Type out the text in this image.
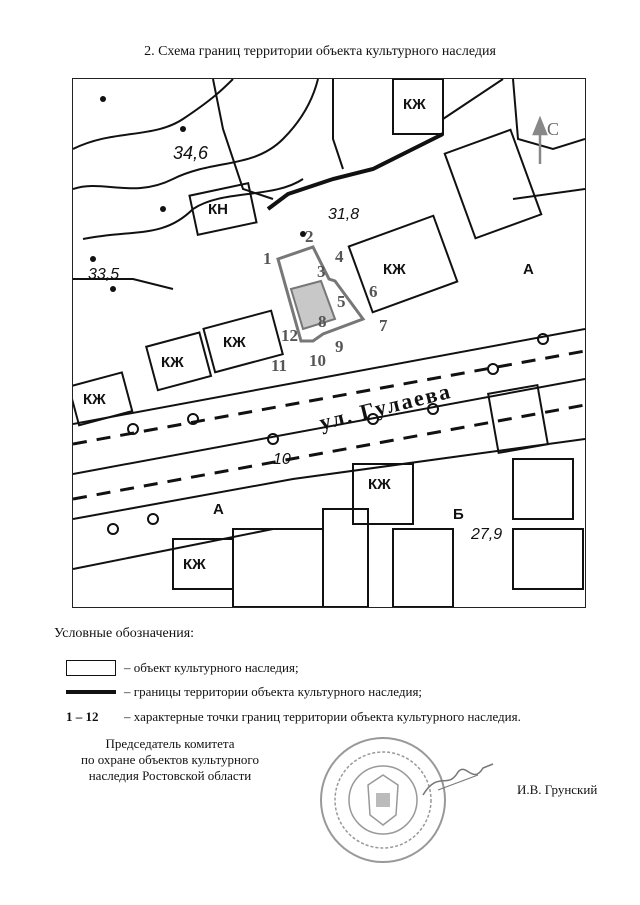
2. Схема границ территории объекта культурного наследия
С
34,6
31,8
33,5
27,9
10
КЖ
КЖ
КЖ
КЖ
КЖ
КЖ
КЖ
КН
А
А	Б
ул. Гулаева
1
2
3
4
5
6
7
8
9
10
11
12
Условные обозначения:
– объект культурного наследия;
– границы территории объекта культурного наследия;
1 – 12 – характерные точки границ территории объекта культурного наследия.
Председатель комитета
по охране объектов культурного
наследия Ростовской области
И.В. Грунский
